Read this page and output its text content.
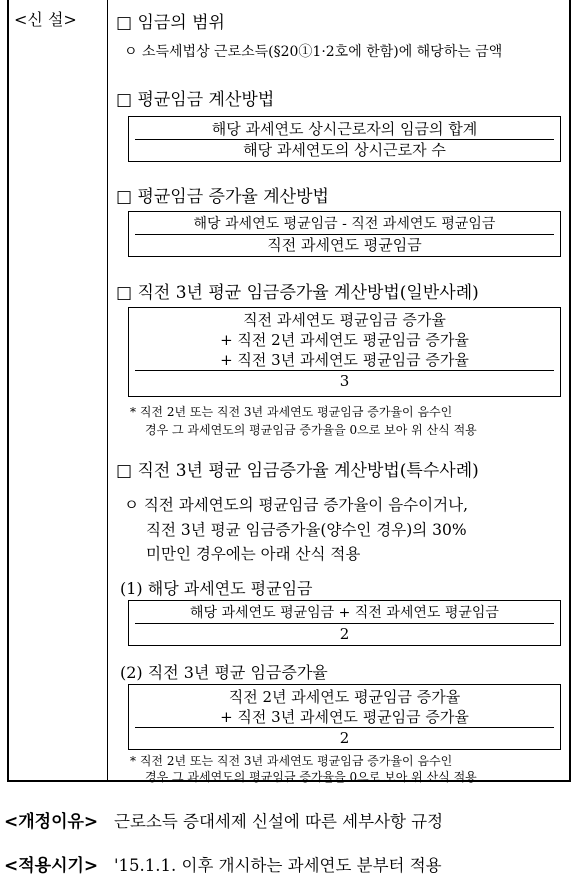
<신 설> □ 임금의 범위
ㅇ 소득세법상 근로소득(§20①1·2호에 한함)에 해당하는 금액
□ 평균임금 계산방법
해당 과세연도 상시근로자의 임금의 합계
해당 과세연도의 상시근로자 수
□ 평균임금 증가율 계산방법
해당 과세연도 평균임금 - 직전 과세연도 평균임금
직전 과세연도 평균임금
□ 직전 3년 평균 임금증가율 계산방법(일반사례)
직전 과세연도 평균임금 증가율
+ 직전 2년 과세연도 평균임금 증가율
+ 직전 3년 과세연도 평균임금 증가율
3
* 직전 2년 또는 직전 3년 과세연도 평균임금 증가율이 음수인
경우 그 과세연도의 평균임금 증가율을 0으로 보아 위 산식 적용
□ 직전 3년 평균 임금증가율 계산방법(특수사례)
ㅇ 직전 과세연도의 평균임금 증가율이 음수이거나,
직전 3년 평균 임금증가율(양수인 경우)의 30%
미만인 경우에는 아래 산식 적용
(1) 해당 과세연도 평균임금
해당 과세연도 평균임금 + 직전 과세연도 평균임금
2
(2) 직전 3년 평균 임금증가율
직전 2년 과세연도 평균임금 증가율
+ 직전 3년 과세연도 평균임금 증가율
2
* 직전 2년 또는 직전 3년 과세연도 평균임금 증가율이 음수인
경우 그 과세연도의 평균임금 증가율을 0으로 보아 위 산식 적용
<개정이유> 근로소득 증대세제 신설에 따른 세부사항 규정
<적용시기> '15.1.1. 이후 개시하는 과세연도 분부터 적용
